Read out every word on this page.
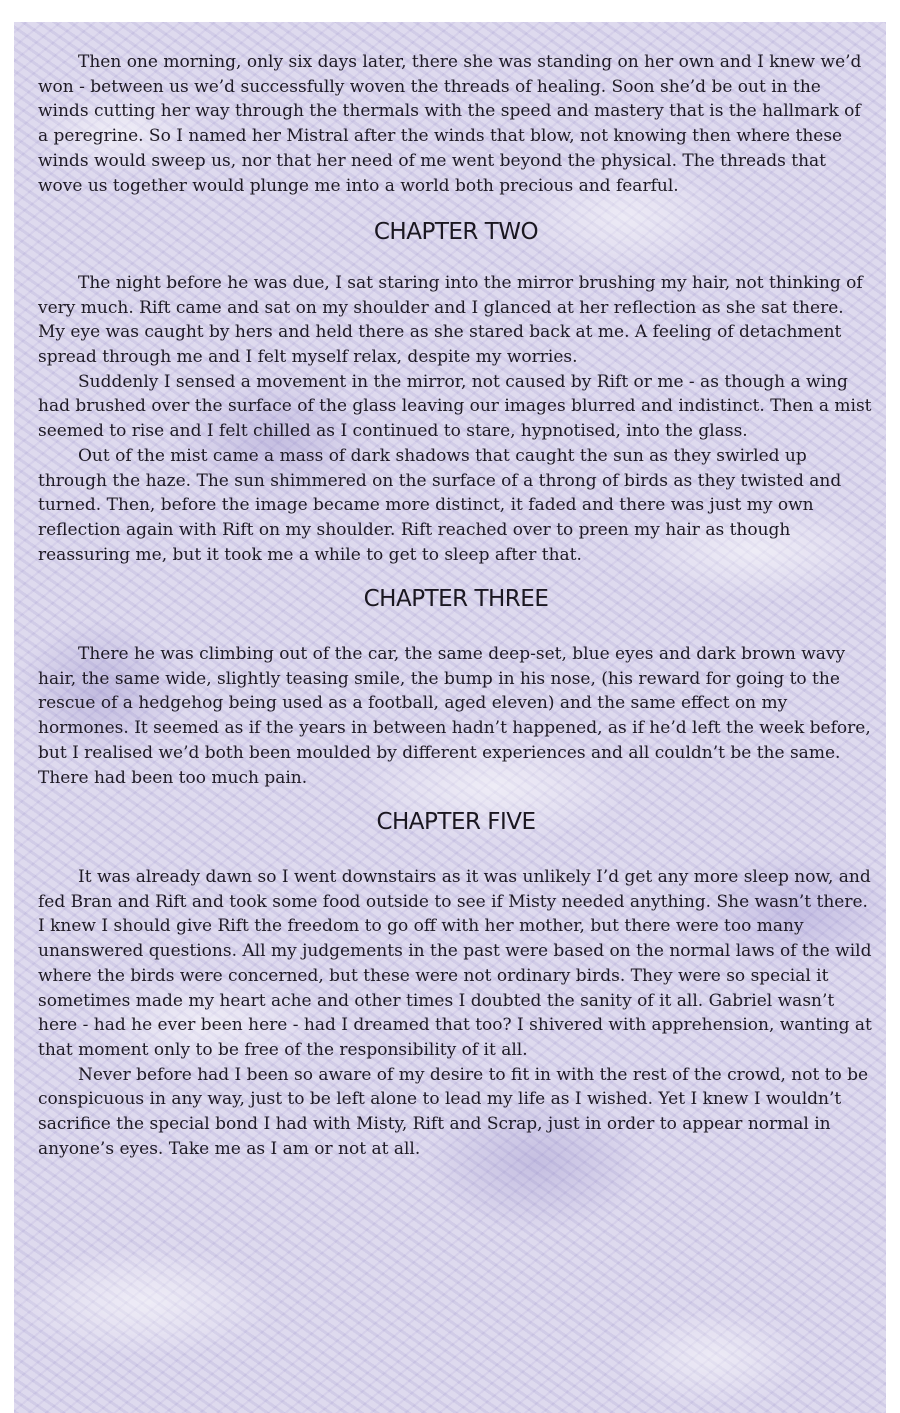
Then one morning, only six days later, there she was standing on her own and I knew we’d won - between us we’d successfully woven the threads of healing. Soon she’d be out in the winds cutting her way through the thermals with the speed and mastery that is the hallmark of a peregrine. So I named her Mistral after the winds that blow, not knowing then where these winds would sweep us, nor that her need of me went beyond the physical. The threads that wove us together would plunge me into a world both precious and fearful.

CHAPTER TWO

The night before he was due, I sat staring into the mirror brushing my hair, not thinking of very much. Rift came and sat on my shoulder and I glanced at her reflection as she sat there. My eye was caught by hers and held there as she stared back at me. A feeling of detachment spread through me and I felt myself relax, despite my worries.

Suddenly I sensed a movement in the mirror, not caused by Rift or me - as though a wing had brushed over the surface of the glass leaving our images blurred and indistinct. Then a mist seemed to rise and I felt chilled as I continued to stare, hypnotised, into the glass.

Out of the mist came a mass of dark shadows that caught the sun as they swirled up through the haze. The sun shimmered on the surface of a throng of birds as they twisted and turned. Then, before the image became more distinct, it faded and there was just my own reflection again with Rift on my shoulder. Rift reached over to preen my hair as though reassuring me, but it took me a while to get to sleep after that.

CHAPTER THREE

There he was climbing out of the car, the same deep-set, blue eyes and dark brown wavy hair, the same wide, slightly teasing smile, the bump in his nose, (his reward for going to the rescue of a hedgehog being used as a football, aged eleven) and the same effect on my hormones. It seemed as if the years in between hadn’t happened, as if he’d left the week before, but I realised we’d both been moulded by different experiences and all couldn’t be the same. There had been too much pain.

CHAPTER FIVE

It was already dawn so I went downstairs as it was unlikely I’d get any more sleep now, and fed Bran and Rift and took some food outside to see if Misty needed anything. She wasn’t there. I knew I should give Rift the freedom to go off with her mother, but there were too many unanswered questions. All my judgements in the past were based on the normal laws of the wild where the birds were concerned, but these were not ordinary birds. They were so special it sometimes made my heart ache and other times I doubted the sanity of it all. Gabriel wasn’t here - had he ever been here - had I dreamed that too? I shivered with apprehension, wanting at that moment only to be free of the responsibility of it all.

Never before had I been so aware of my desire to fit in with the rest of the crowd, not to be conspicuous in any way, just to be left alone to lead my life as I wished. Yet I knew I wouldn’t sacrifice the special bond I had with Misty, Rift and Scrap, just in order to appear normal in anyone’s eyes. Take me as I am or not at all.
